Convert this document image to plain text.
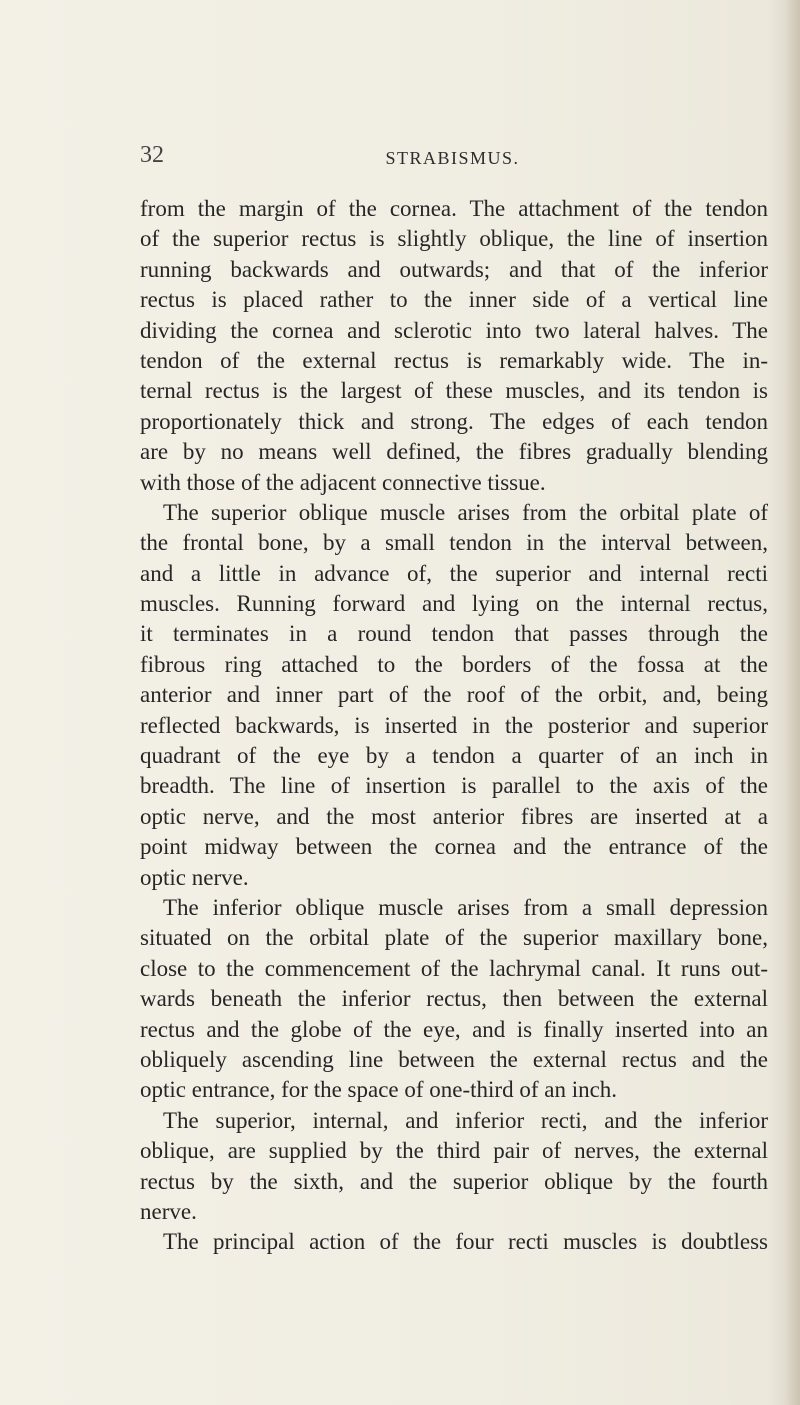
32	STRABISMUS.
from the margin of the cornea. The attachment of the tendon
of the superior rectus is slightly oblique, the line of insertion
running backwards and outwards; and that of the inferior
rectus is placed rather to the inner side of a vertical line
dividing the cornea and sclerotic into two lateral halves. The
tendon of the external rectus is remarkably wide. The in-
ternal rectus is the largest of these muscles, and its tendon is
proportionately thick and strong. The edges of each tendon
are by no means well defined, the fibres gradually blending
with those of the adjacent connective tissue.
The superior oblique muscle arises from the orbital plate of
the frontal bone, by a small tendon in the interval between,
and a little in advance of, the superior and internal recti
muscles. Running forward and lying on the internal rectus,
it terminates in a round tendon that passes through the
fibrous ring attached to the borders of the fossa at the
anterior and inner part of the roof of the orbit, and, being
reflected backwards, is inserted in the posterior and superior
quadrant of the eye by a tendon a quarter of an inch in
breadth. The line of insertion is parallel to the axis of the
optic nerve, and the most anterior fibres are inserted at a
point midway between the cornea and the entrance of the
optic nerve.
The inferior oblique muscle arises from a small depression
situated on the orbital plate of the superior maxillary bone,
close to the commencement of the lachrymal canal. It runs out-
wards beneath the inferior rectus, then between the external
rectus and the globe of the eye, and is finally inserted into an
obliquely ascending line between the external rectus and the
optic entrance, for the space of one-third of an inch.
The superior, internal, and inferior recti, and the inferior
oblique, are supplied by the third pair of nerves, the external
rectus by the sixth, and the superior oblique by the fourth
nerve.
The principal action of the four recti muscles is doubtless
